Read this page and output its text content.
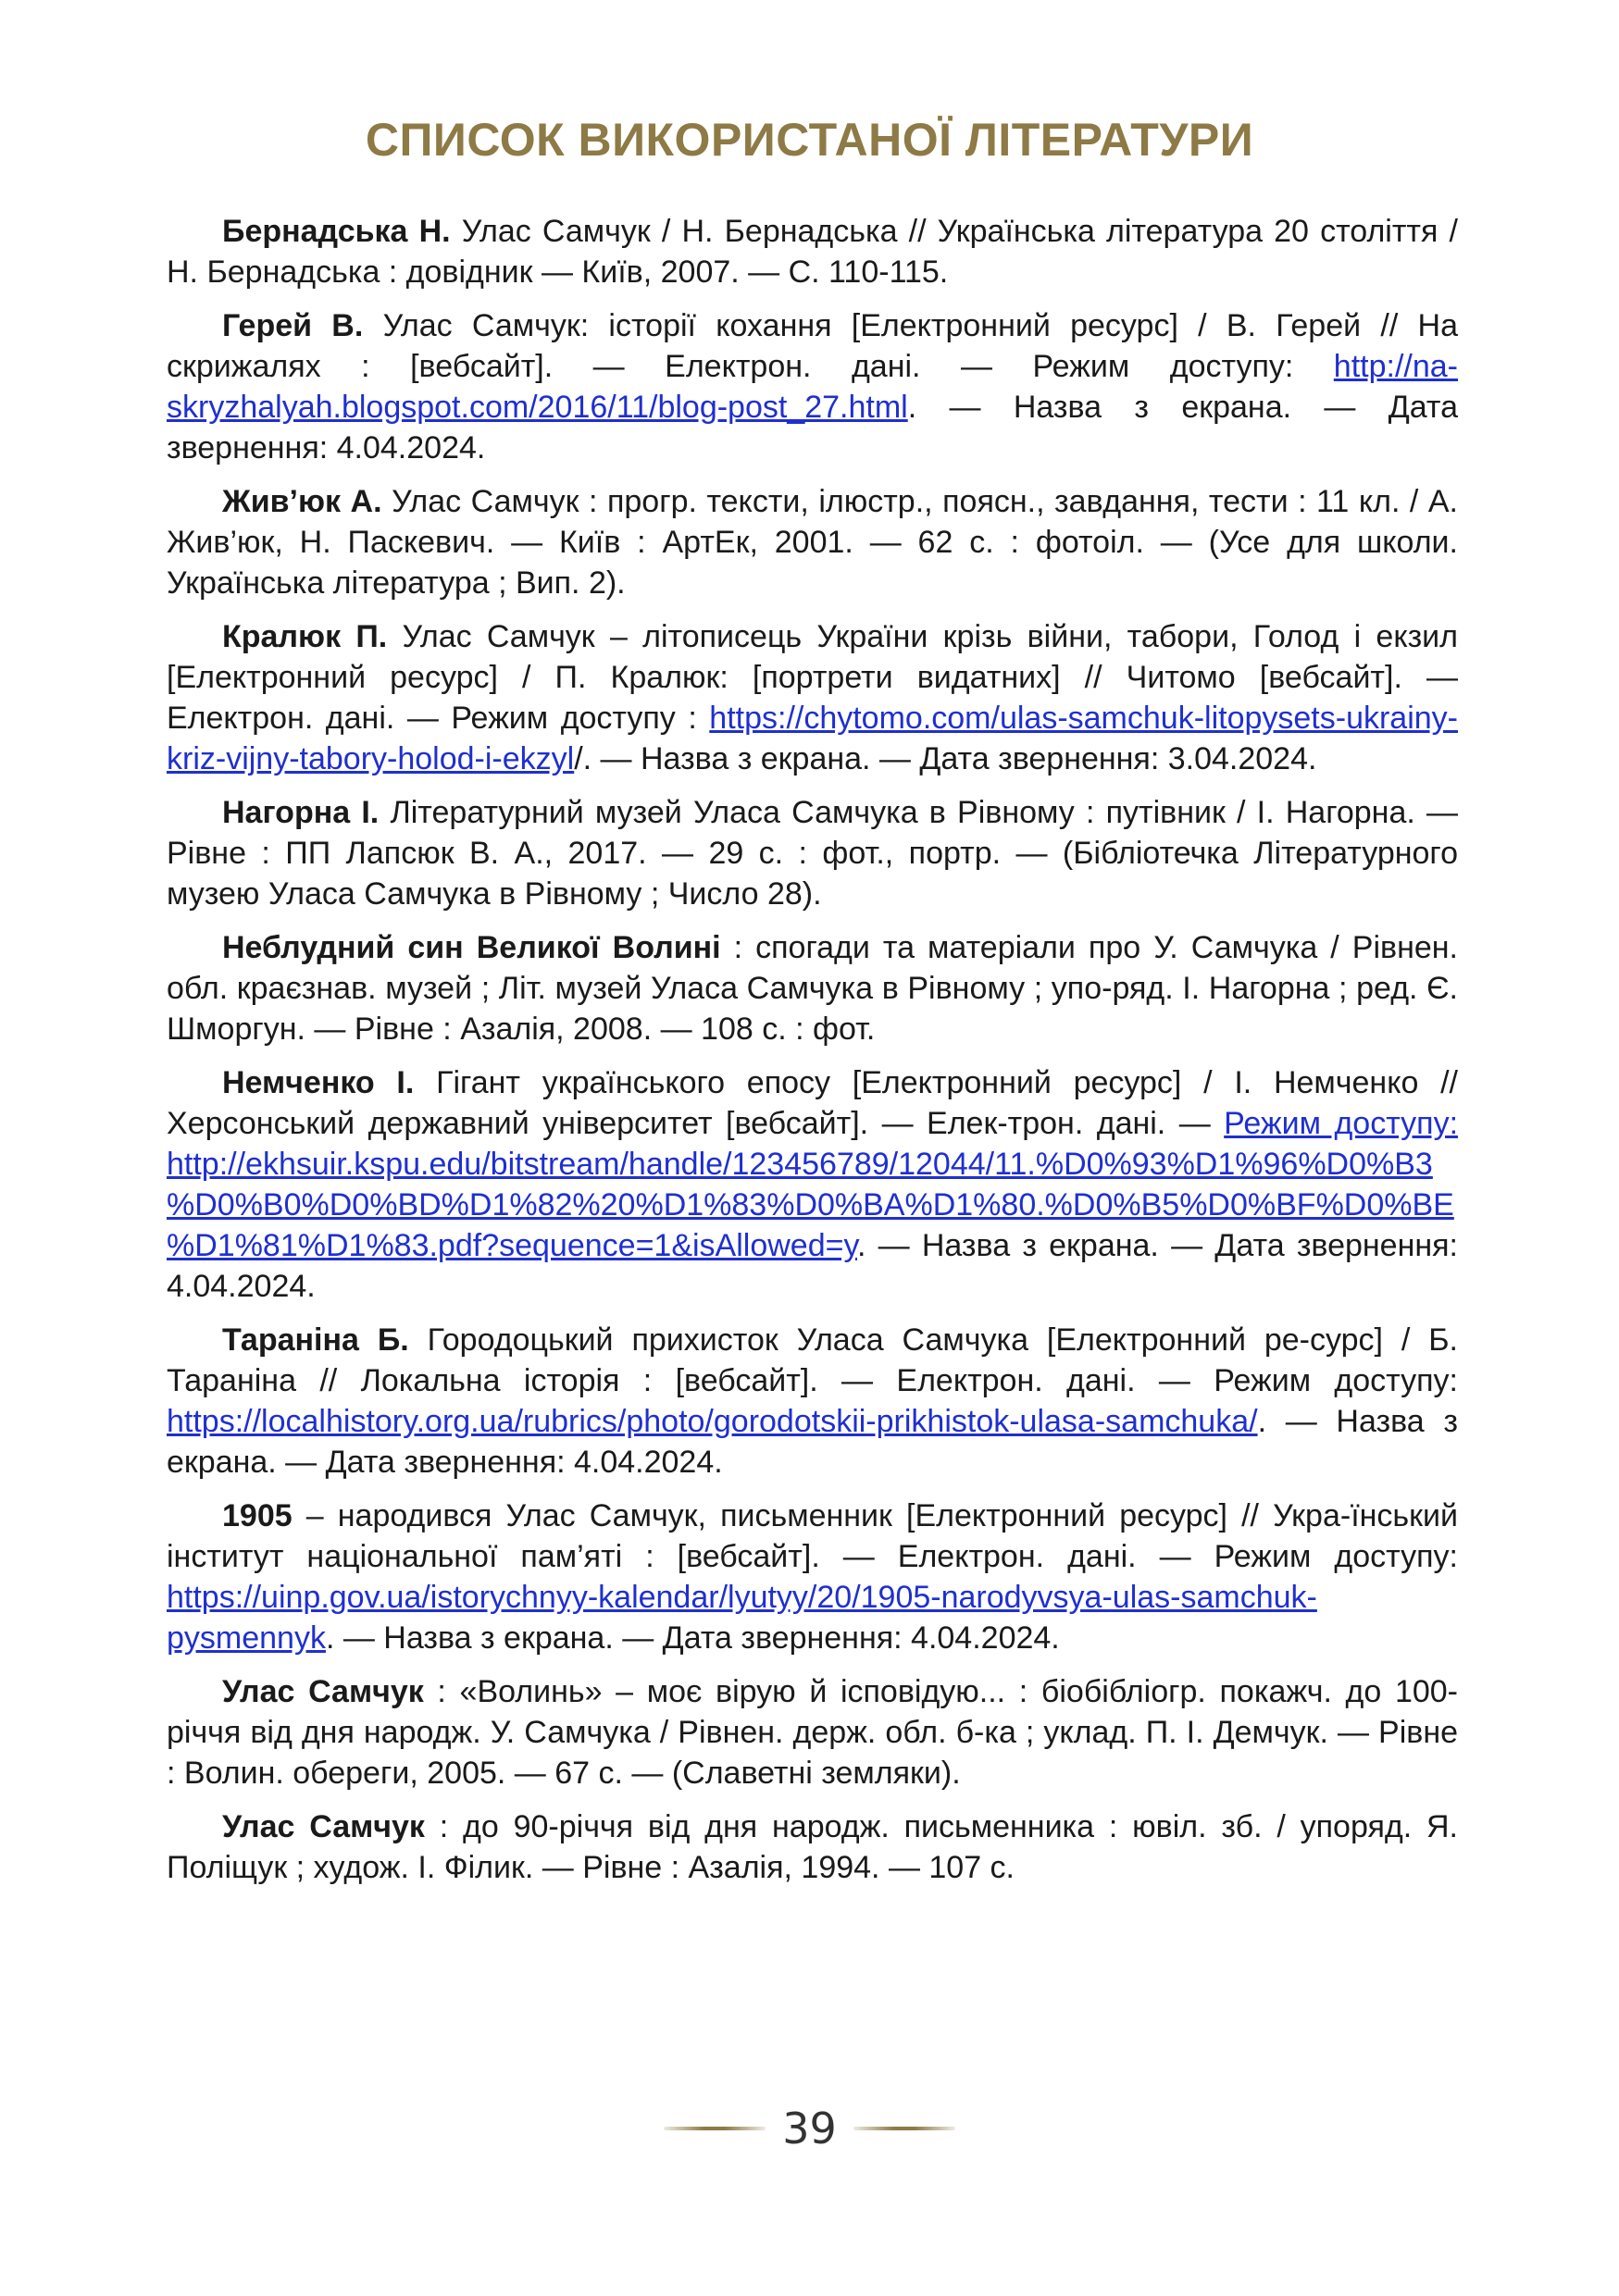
СПИСОК ВИКОРИСТАНОЇ ЛІТЕРАТУРИ

Бернадська Н. Улас Самчук / Н. Бернадська // Українська література 20 століття / Н. Бернадська : довідник — Київ, 2007. — С. 110-115.

Герей В. Улас Самчук: історії кохання [Електронний ресурс] / В. Герей // На скрижалях : [вебсайт]. — Електрон. дані. — Режим доступу: http://na-skryzhalyah.blogspot.com/2016/11/blog-post_27.html. — Назва з екрана. — Дата звернення: 4.04.2024.

Жив’юк А. Улас Самчук : прогр. тексти, ілюстр., поясн., завдання, тести : 11 кл. / А. Жив’юк, Н. Паскевич. — Київ : АртЕк, 2001. — 62 с. : фотоіл. — (Усе для школи. Українська література ; Вип. 2).

Кралюк П. Улас Самчук – літописець України крізь війни, табори, Голод і екзил [Електронний ресурс] / П. Кралюк: [портрети видатних] // Читомо [вебсайт]. — Електрон. дані. — Режим доступу : https://chytomo.com/ulas-samchuk-litopysets-ukrainy-kriz-vijny-tabory-holod-i-ekzyl/. — Назва з екрана. — Дата звернення: 3.04.2024.

Нагорна І. Літературний музей Уласа Самчука в Рівному : путівник / І. Нагорна. — Рівне : ПП Лапсюк В. А., 2017. — 29 с. : фот., портр. — (Бібліотечка Літературного музею Уласа Самчука в Рівному ; Число 28).

Неблудний син Великої Волині : спогади та матеріали про У. Самчука / Рівнен. обл. краєзнав. музей ; Літ. музей Уласа Самчука в Рівному ; упо-ряд. І. Нагорна ; ред. Є. Шморгун. — Рівне : Азалія, 2008. — 108 с. : фот.

Немченко І. Гігант українського епосу [Електронний ресурс] / І. Немченко // Херсонський державний університет [вебсайт]. — Елек-трон. дані. — Режим доступу: http://ekhsuir.kspu.edu/bitstream/handle/123456789/12044/11.%D0%93%D1%96%D0%B3%D0%B0%D0%BD%D1%82%20%D1%83%D0%BA%D1%80.%D0%B5%D0%BF%D0%BE%D1%81%D1%83.pdf?sequence=1&isAllowed=y. — Назва з екрана. — Дата звернення: 4.04.2024.

Тараніна Б. Городоцький прихисток Уласа Самчука [Електронний ре-сурс] / Б. Тараніна // Локальна історія : [вебсайт]. — Електрон. дані. — Режим доступу: https://localhistory.org.ua/rubrics/photo/gorodotskii-prikhistok-ulasa-samchuka/. — Назва з екрана. — Дата звернення: 4.04.2024.

1905 – народився Улас Самчук, письменник [Електронний ресурс] // Укра-їнський інститут національної пам’яті : [вебсайт]. — Електрон. дані. — Режим доступу: https://uinp.gov.ua/istorychnyy-kalendar/lyutyy/20/1905-narodyvsya-ulas-samchuk-pysmennyk. — Назва з екрана. — Дата звернення: 4.04.2024.

Улас Самчук : «Волинь» – моє вірую й ісповідую... : біобібліогр. покажч. до 100-річчя від дня народж. У. Самчука / Рівнен. держ. обл. б-ка ; уклад. П. І. Демчук. — Рівне : Волин. обереги, 2005. — 67 с. — (Славетні земляки).

Улас Самчук : до 90-річчя від дня народж. письменника : ювіл. зб. / упоряд. Я. Поліщук ; худож. І. Філик. — Рівне : Азалія, 1994. — 107 с.

39
